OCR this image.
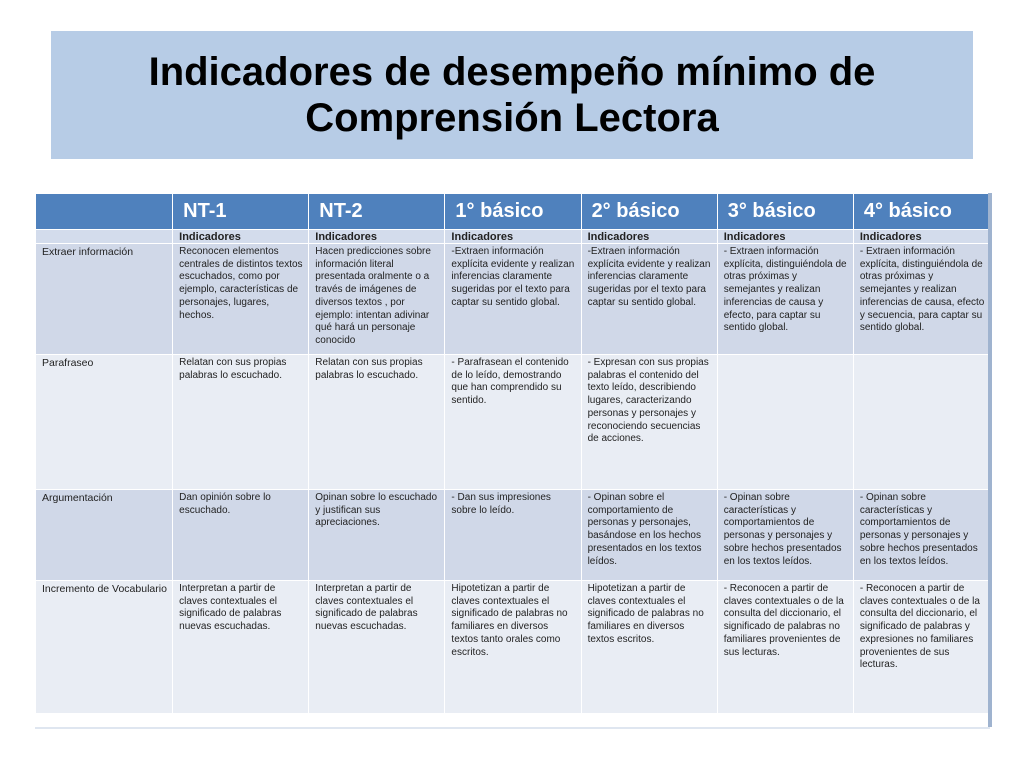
Indicadores de desempeño mínimo de Comprensión Lectora
	NT-1	NT-2	1° básico	2° básico	3° básico	4° básico
	Indicadores	Indicadores	Indicadores	Indicadores	Indicadores	Indicadores
Extraer información	Reconocen elementos centrales de distintos textos escuchados, como por ejemplo, características de personajes, lugares, hechos.	Hacen predicciones sobre información literal presentada oralmente o a través de imágenes de diversos textos , por ejemplo: intentan adivinar qué hará un personaje conocido	-Extraen información explícita evidente y realizan inferencias claramente sugeridas por el texto para captar su sentido global.	-Extraen información explícita evidente y realizan inferencias claramente sugeridas por el texto para captar su sentido global.	- Extraen información explícita, distinguiéndola de otras próximas y semejantes y realizan inferencias de causa y efecto, para captar su sentido global.	- Extraen información explícita, distinguiéndola de otras próximas y semejantes y realizan inferencias de causa, efecto y secuencia, para captar su sentido global.
Parafraseo	Relatan con sus propias palabras lo escuchado.	Relatan con sus propias palabras lo escuchado.	- Parafrasean el contenido de lo leído, demostrando que han comprendido su sentido.	- Expresan con sus propias palabras el contenido del texto leído, describiendo lugares, caracterizando personas y personajes y reconociendo secuencias de acciones.		
Argumentación	Dan opinión sobre lo escuchado.	Opinan sobre lo escuchado y justifican sus apreciaciones.	- Dan sus impresiones sobre lo leído.	- Opinan sobre el comportamiento de personas y personajes, basándose en los hechos presentados en los textos leídos.	- Opinan sobre características y comportamientos de personas y personajes y sobre hechos presentados en los textos leídos.	- Opinan sobre características y comportamientos de personas y personajes y sobre hechos presentados en los textos leídos.
Incremento de Vocabulario	Interpretan a partir de claves contextuales el significado de palabras nuevas escuchadas.	Interpretan a partir de claves contextuales el significado de palabras nuevas escuchadas.	Hipotetizan a partir de claves contextuales el significado de palabras no familiares en diversos textos tanto orales como escritos.	Hipotetizan a partir de claves contextuales el significado de palabras no familiares en diversos textos escritos.	- Reconocen a partir de claves contextuales o de la consulta del diccionario, el significado de palabras no familiares provenientes de sus lecturas.	- Reconocen a partir de claves contextuales o de la consulta del diccionario, el significado de palabras y expresiones no familiares provenientes de sus lecturas.
